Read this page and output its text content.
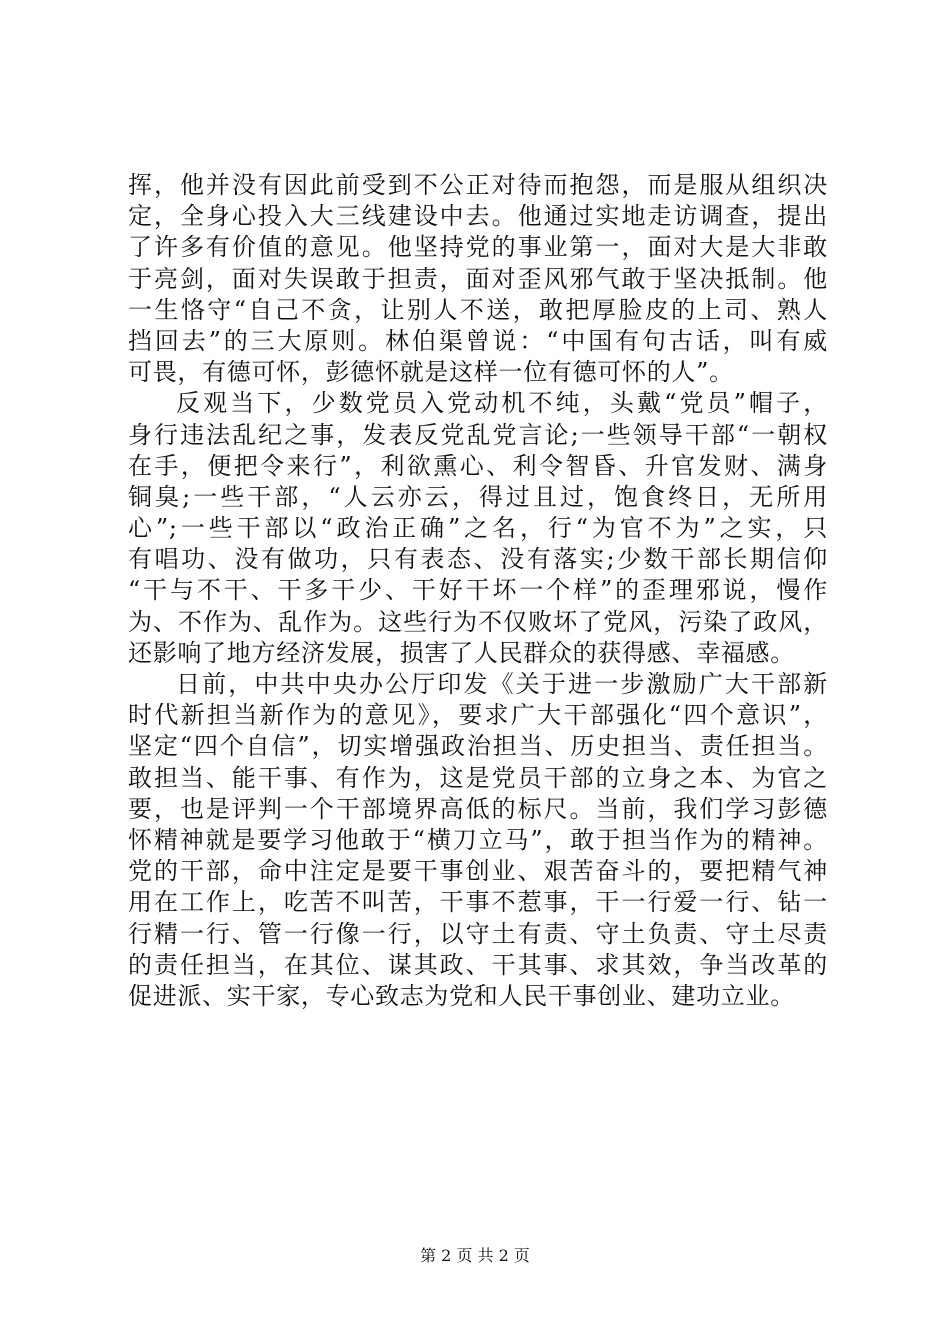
挥，他并没有因此前受到不公正对待而抱怨，而是服从组织决
定，全身心投入大三线建设中去。他通过实地走访调查，提出
了许多有价值的意见。他坚持党的事业第一，面对大是大非敢
于亮剑，面对失误敢于担责，面对歪风邪气敢于坚决抵制。他
一生恪守“自己不贪，让别人不送，敢把厚脸皮的上司、熟人
挡回去”的三大原则。林伯渠曾说：“中国有句古话，叫有威
可畏，有德可怀，彭德怀就是这样一位有德可怀的人”。
反观当下，少数党员入党动机不纯，头戴“党员”帽子，
身行违法乱纪之事，发表反党乱党言论;一些领导干部“一朝权
在手，便把令来行”，利欲熏心、利令智昏、升官发财、满身
铜臭;一些干部，“人云亦云，得过且过，饱食终日，无所用
心”;一些干部以“政治正确”之名，行“为官不为”之实，只
有唱功、没有做功，只有表态、没有落实;少数干部长期信仰
“干与不干、干多干少、干好干坏一个样”的歪理邪说，慢作
为、不作为、乱作为。这些行为不仅败坏了党风，污染了政风，
还影响了地方经济发展，损害了人民群众的获得感、幸福感。
日前，中共中央办公厅印发《关于进一步激励广大干部新
时代新担当新作为的意见》，要求广大干部强化“四个意识”，
坚定“四个自信”，切实增强政治担当、历史担当、责任担当。
敢担当、能干事、有作为，这是党员干部的立身之本、为官之
要，也是评判一个干部境界高低的标尺。当前，我们学习彭德
怀精神就是要学习他敢于“横刀立马”，敢于担当作为的精神。
党的干部，命中注定是要干事创业、艰苦奋斗的，要把精气神
用在工作上，吃苦不叫苦，干事不惹事，干一行爱一行、钻一
行精一行、管一行像一行，以守土有责、守土负责、守土尽责
的责任担当，在其位、谋其政、干其事、求其效，争当改革的
促进派、实干家，专心致志为党和人民干事创业、建功立业。
第 2 页 共 2 页
